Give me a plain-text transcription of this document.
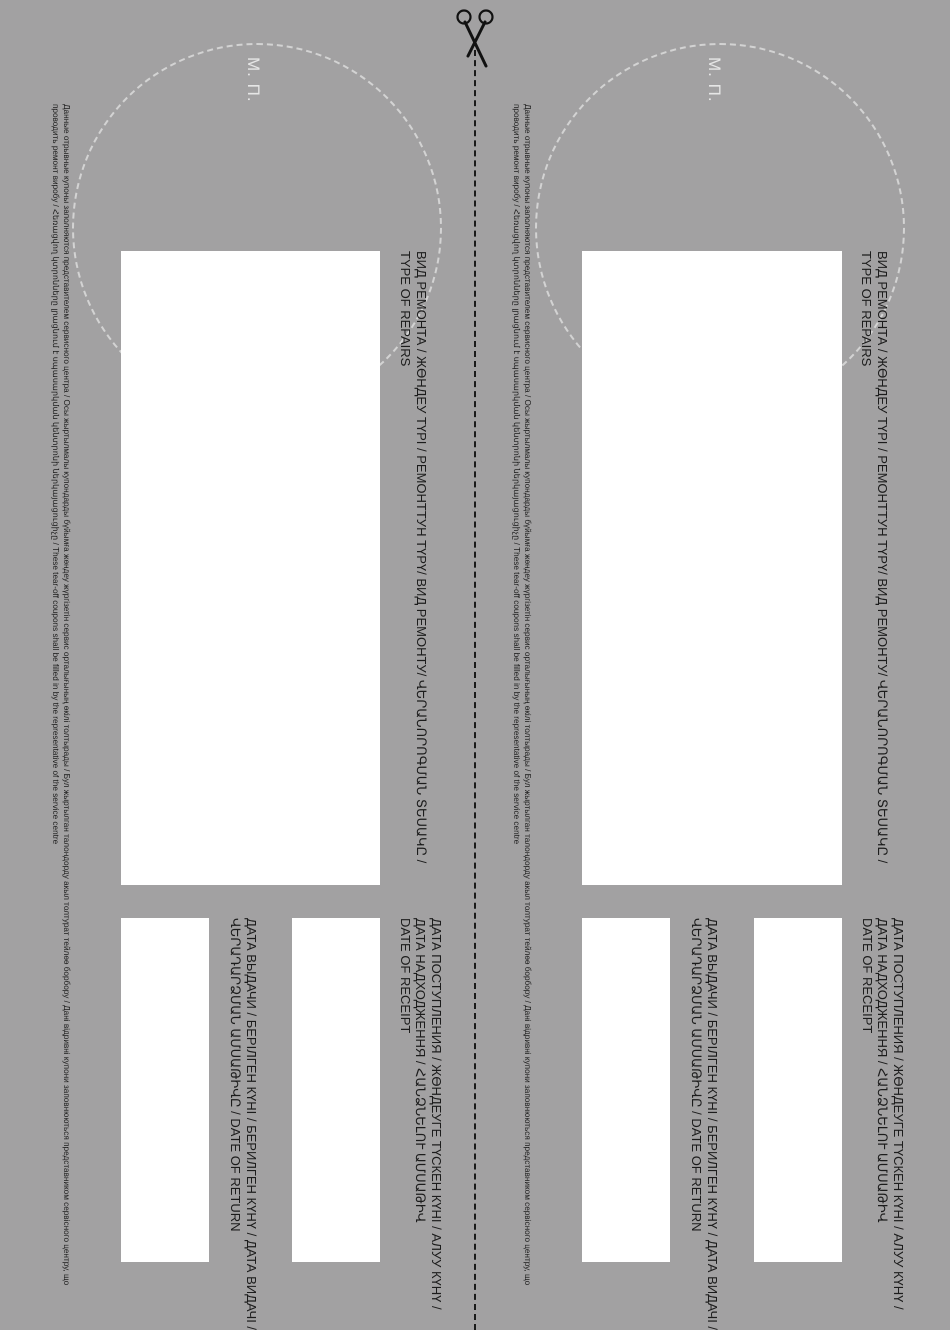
М. П.
Данные отрывные купоны заполняются представителем сервисного центра / Осы жыртылмалы купондарды бүйымға жөндеу жүргізетін сервис орталығының өкілі толтырады / Бул жыртылган талондорду акыл толтурат тейлөө борбору / Дані відривні купони заповнюються представником сервісного центру, що
проводить ремонт виробу / Հեռացվող կտրոնները լրացնում է սպասարկման կենտրոնի ներկայացուցիչը / These tear-off coupons shall be filled in by the representative of the service centre	ВИД РЕМОНТА / ЖӨНДЕУ ТҮРІ / РЕМОНТТУН ТҮРҮ/ ВИД РЕМОНТУ/ ՎԵՐԱՆՈՐՈԳՄԱՆ ՏԵՍԱԿԸ /
TYPE OF REPAIRS
ДАТА ВЫДАЧИ / БЕРІЛГЕН КҮНІ / БЕРИЛГЕН КҮНҮ / ДАТА ВИДАЧІ /
ՎԵՐԱԴԱՐՁՄԱՆ ԱՄՍԱԹԻՎԸ / DATE OF RETURN	ДАТА ПОСТУПЛЕНИЯ / ЖӨНДЕУГЕ ТҮСКЕН КҮНІ / АЛУУ КҮНҮ /
ДАТА НАДХОДЖЕННЯ / ՀԱՆՁՆԵԼՈՒ ԱՄՍԱԹԻՎ
DATE OF RECEIPT
М. П.
Данные отрывные купоны заполняются представителем сервисного центра / Осы жыртылмалы купондарды бүйымға жөндеу жүргізетін сервис орталығының өкілі толтырады / Бул жыртылган талондорду акыл толтурат тейлөө борбору / Дані відривні купони заповнюються представником сервісного центру, що
проводить ремонт виробу / Հեռացվող կտրոնները լրացնում է սպասարկման կենտրոնի ներկայացուցիչը / These tear-off coupons shall be filled in by the representative of the service centre	ВИД РЕМОНТА / ЖӨНДЕУ ТҮРІ / РЕМОНТТУН ТҮРҮ/ ВИД РЕМОНТУ/ ՎԵՐԱՆՈՐՈԳՄԱՆ ՏԵՍԱԿԸ /
TYPE OF REPAIRS
ДАТА ВЫДАЧИ / БЕРІЛГЕН КҮНІ / БЕРИЛГЕН КҮНҮ / ДАТА ВИДАЧІ /
ՎԵՐԱԴԱՐՁՄԱՆ ԱՄՍԱԹԻՎԸ / DATE OF RETURN	ДАТА ПОСТУПЛЕНИЯ / ЖӨНДЕУГЕ ТҮСКЕН КҮНІ / АЛУУ КҮНҮ /
ДАТА НАДХОДЖЕННЯ / ՀԱՆՁՆԵԼՈՒ ԱՄՍԱԹԻՎ
DATE OF RECEIPT
